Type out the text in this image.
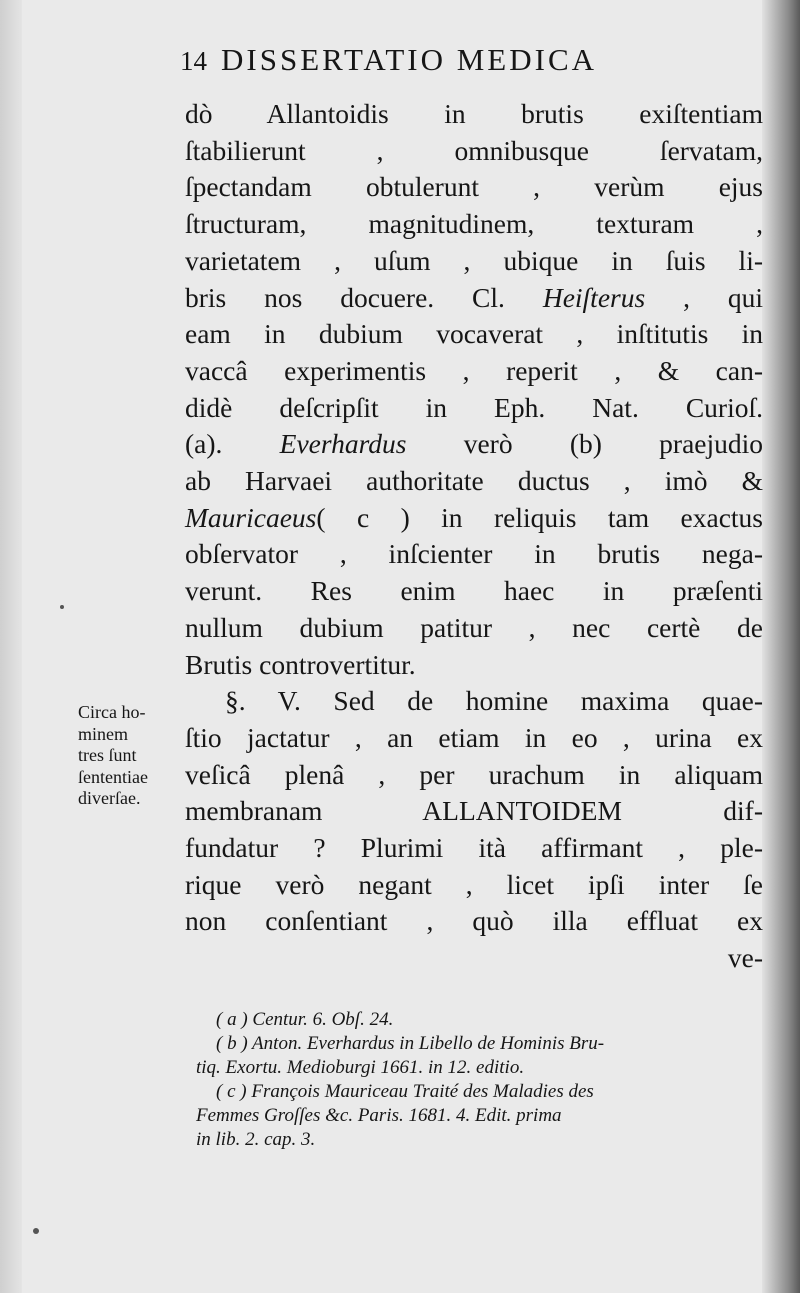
14 DISSERTATIO MEDICA
dò Allantoidis in brutis exiſtentiam
ſtabilierunt , omnibusque ſervatam,
ſpectandam obtulerunt , verùm ejus
ſtructuram, magnitudinem, texturam ,
varietatem , uſum , ubique in ſuis li-
bris nos docuere. Cl. Heiſterus , qui
eam in dubium vocaverat , inſtitutis in
vaccâ experimentis , reperit , & can-
didè deſcripſit in Eph. Nat. Curioſ.
(a). Everhardus verò (b) praejudio
ab Harvaei authoritate ductus , imò &
Mauricaeus( c ) in reliquis tam exactus
obſervator , inſcienter in brutis nega-
verunt. Res enim haec in præſenti
nullum dubium patitur , nec certè de
Brutis controvertitur.
§. V. Sed de homine maxima quae-
ſtio jactatur , an etiam in eo , urina ex
veſicâ plenâ , per urachum in aliquam
membranam ALLANTOIDEM dif-
fundatur ? Plurimi ità affirmant , ple-
rique verò negant , licet ipſi inter ſe
non conſentiant , quò illa effluat ex
ve-
Circa ho-
minem
tres ſunt
ſententiae
diverſae.
( a ) Centur. 6. Obſ. 24.
( b ) Anton. Everhardus in Libello de Hominis Bru-
tiq. Exortu. Medioburgi 1661. in 12. editio.
( c ) François Mauriceau Traité des Maladies des
Femmes Groſſes &c. Paris. 1681. 4. Edit. prima
in lib. 2. cap. 3.
